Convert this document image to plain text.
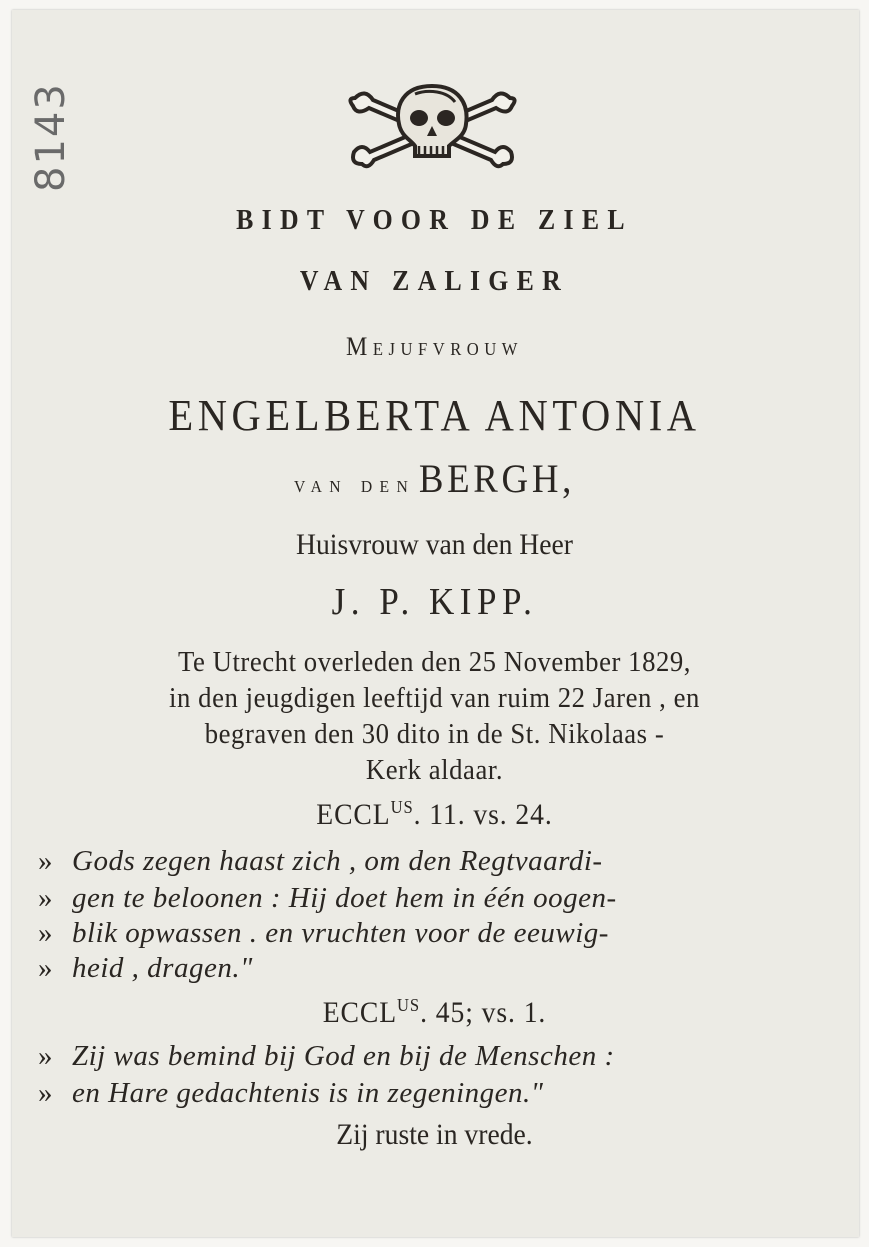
8143
BIDT VOOR DE ZIEL
VAN ZALIGER
Mejufvrouw
ENGELBERTA ANTONIA
van den BERGH,
Huisvrouw van den Heer
J. P. KIPP.
Te Utrecht overleden den 25 November 1829,
in den jeugdigen leeftijd van ruim 22 Jaren , en
begraven den 30 dito in de St. Nikolaas -
Kerk aldaar.
$ECCL^{US}$. 11. vs. 24.
» Gods zegen haast zich , om den Regtvaardi-
» gen te beloonen : Hij doet hem in één oogen-
» blik opwassen . en vruchten voor de eeuwig-
» heid , dragen."
$ECCL^{US}$. 45; vs. 1.
» Zij was bemind bij God en bij de Menschen :
» en Hare gedachtenis is in zegeningen."
Zij ruste in vrede.
